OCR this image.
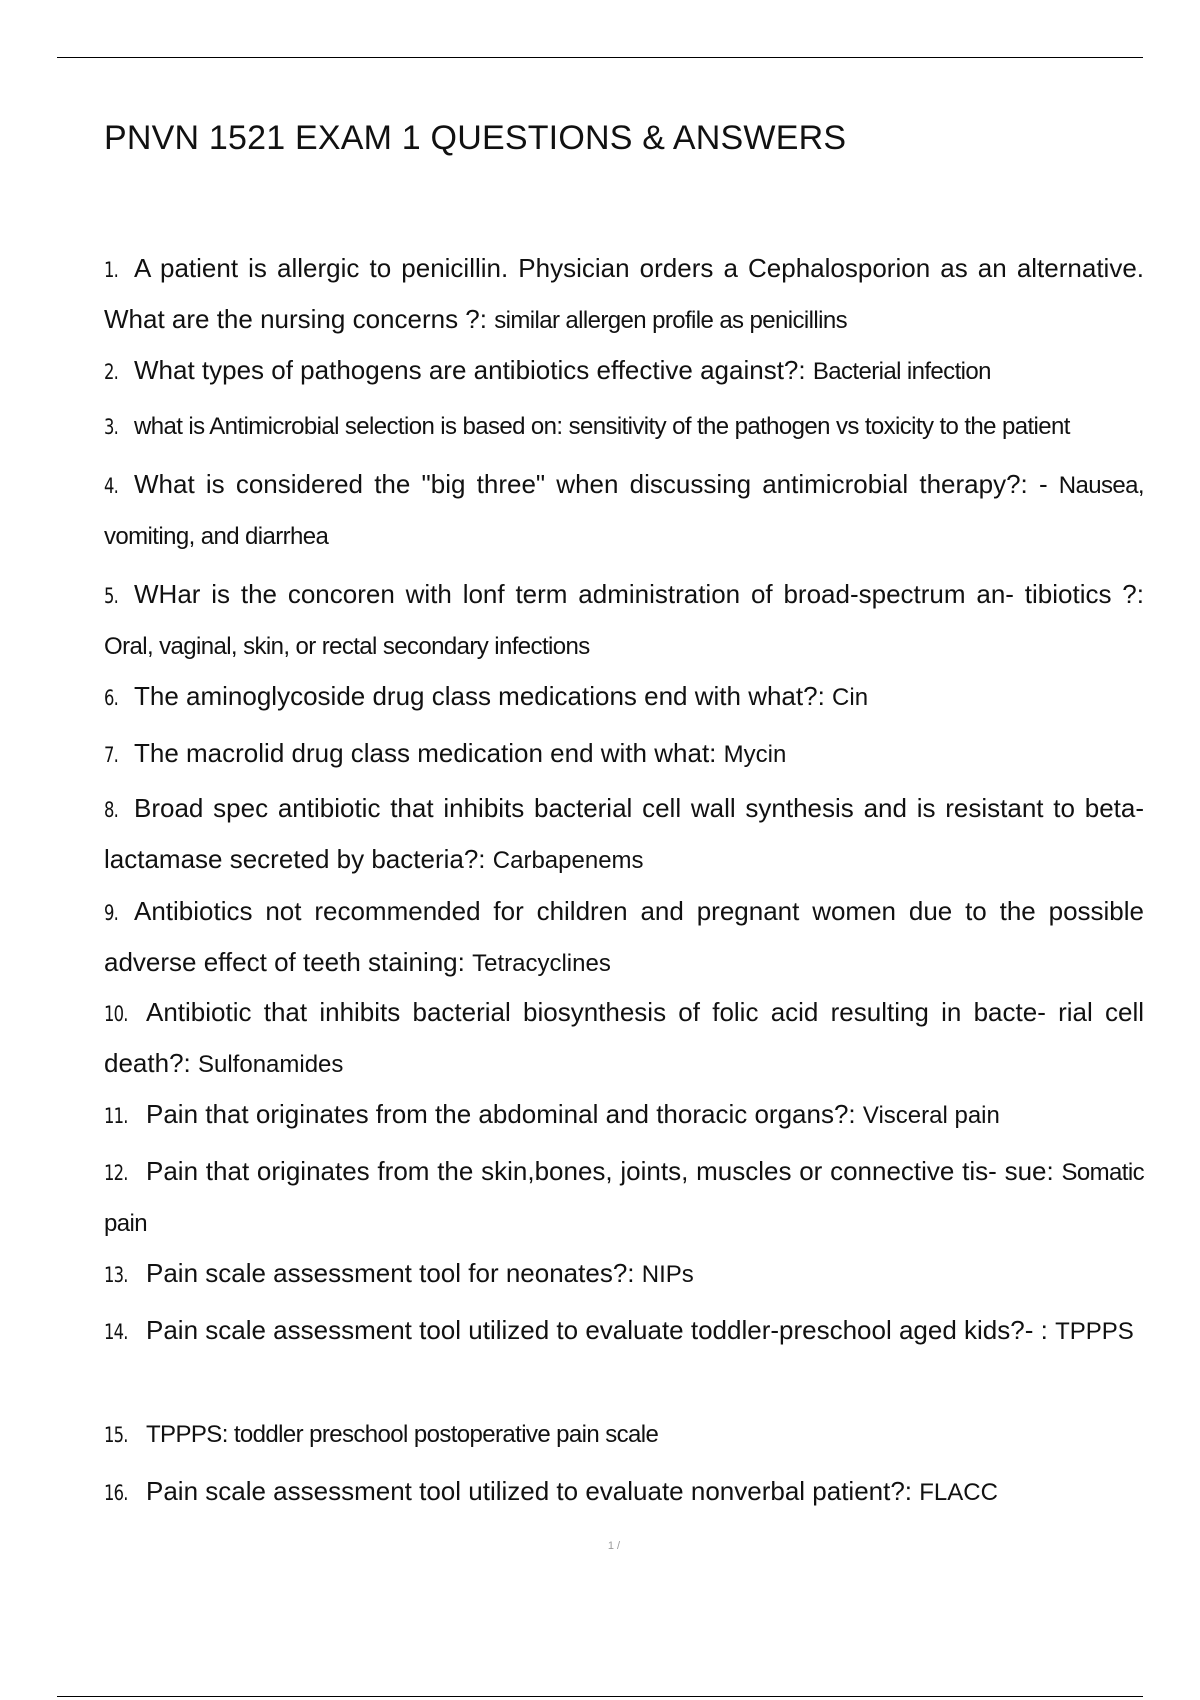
PNVN 1521 EXAM 1 QUESTIONS & ANSWERS
1. A patient is allergic to penicillin. Physician orders a Cephalosporion as an alternative. What are the nursing concerns ?: similar allergen profile as penicillins
2. What types of pathogens are antibiotics effective against?: Bacterial infection
3. what is Antimicrobial selection is based on: sensitivity of the pathogen vs toxicity to the patient
4. What is considered the "big three" when discussing antimicrobial therapy?: - Nausea, vomiting, and diarrhea
5. WHar is the concoren with lonf term administration of broad-spectrum an- tibiotics ?: Oral, vaginal, skin, or rectal secondary infections
6. The aminoglycoside drug class medications end with what?: Cin
7. The macrolid drug class medication end with what: Mycin
8. Broad spec antibiotic that inhibits bacterial cell wall synthesis and is resistant to beta-lactamase secreted by bacteria?: Carbapenems
9. Antibiotics not recommended for children and pregnant women due to the possible adverse effect of teeth staining: Tetracyclines
10. Antibiotic that inhibits bacterial biosynthesis of folic acid resulting in bacte- rial cell death?: Sulfonamides
11. Pain that originates from the abdominal and thoracic organs?: Visceral pain
12. Pain that originates from the skin,bones, joints, muscles or connective tis- sue: Somatic pain
13. Pain scale assessment tool for neonates?: NIPs
14. Pain scale assessment tool utilized to evaluate toddler-preschool aged kids?- : TPPPS
15. TPPPS: toddler preschool postoperative pain scale
16. Pain scale assessment tool utilized to evaluate nonverbal patient?: FLACC
1 /
